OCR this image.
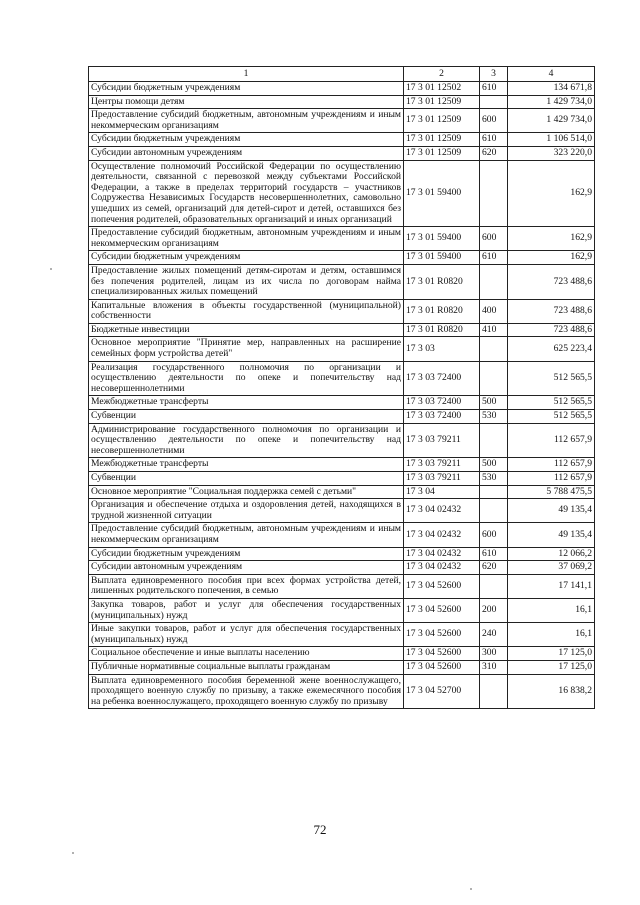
1	2	3	4
Субсидии бюджетным учреждениям	17 3 01 12502	610	134 671,8
Центры помощи детям	17 3 01 12509		1 429 734,0
Предоставление субсидий бюджетным, автономным учреждениям и иным некоммерческим организациям	17 3 01 12509	600	1 429 734,0
Субсидии бюджетным учреждениям	17 3 01 12509	610	1 106 514,0
Субсидии автономным учреждениям	17 3 01 12509	620	323 220,0
Осуществление полномочий Российской Федерации по осуществлению деятельности, связанной с перевозкой между субъектами Российской Федерации, а также в пределах территорий государств – участников Содружества Независимых Государств несовершеннолетних, самовольно ушедших из семей, организаций для детей-сирот и детей, оставшихся без попечения родителей, образовательных организаций и иных организаций	17 3 01 59400		162,9
Предоставление субсидий бюджетным, автономным учреждениям и иным некоммерческим организациям	17 3 01 59400	600	162,9
Субсидии бюджетным учреждениям	17 3 01 59400	610	162,9
Предоставление жилых помещений детям-сиротам и детям, оставшимся без попечения родителей, лицам из их числа по договорам найма специализированных жилых помещений	17 3 01 R0820		723 488,6
Капитальные вложения в объекты государственной (муниципальной) собственности	17 3 01 R0820	400	723 488,6
Бюджетные инвестиции	17 3 01 R0820	410	723 488,6
Основное мероприятие "Принятие мер, направленных на расширение семейных форм устройства детей"	17 3 03		625 223,4
Реализация государственного полномочия по организации и осуществлению деятельности по опеке и попечительству над несовершеннолетними	17 3 03 72400		512 565,5
Межбюджетные трансферты	17 3 03 72400	500	512 565,5
Субвенции	17 3 03 72400	530	512 565,5
Администрирование государственного полномочия по организации и осуществлению деятельности по опеке и попечительству над несовершеннолетними	17 3 03 79211		112 657,9
Межбюджетные трансферты	17 3 03 79211	500	112 657,9
Субвенции	17 3 03 79211	530	112 657,9
Основное мероприятие "Социальная поддержка семей с детьми"	17 3 04		5 788 475,5
Организация и обеспечение отдыха и оздоровления детей, находящихся в трудной жизненной ситуации	17 3 04 02432		49 135,4
Предоставление субсидий бюджетным, автономным учреждениям и иным некоммерческим организациям	17 3 04 02432	600	49 135,4
Субсидии бюджетным учреждениям	17 3 04 02432	610	12 066,2
Субсидии автономным учреждениям	17 3 04 02432	620	37 069,2
Выплата единовременного пособия при всех формах устройства детей, лишенных родительского попечения, в семью	17 3 04 52600		17 141,1
Закупка товаров, работ и услуг для обеспечения государственных (муниципальных) нужд	17 3 04 52600	200	16,1
Иные закупки товаров, работ и услуг для обеспечения государственных (муниципальных) нужд	17 3 04 52600	240	16,1
Социальное обеспечение и иные выплаты населению	17 3 04 52600	300	17 125,0
Публичные нормативные социальные выплаты гражданам	17 3 04 52600	310	17 125,0
Выплата единовременного пособия беременной жене военнослужащего, проходящего военную службу по призыву, а также ежемесячного пособия на ребенка военнослужащего, проходящего военную службу по призыву	17 3 04 52700		16 838,2
72
